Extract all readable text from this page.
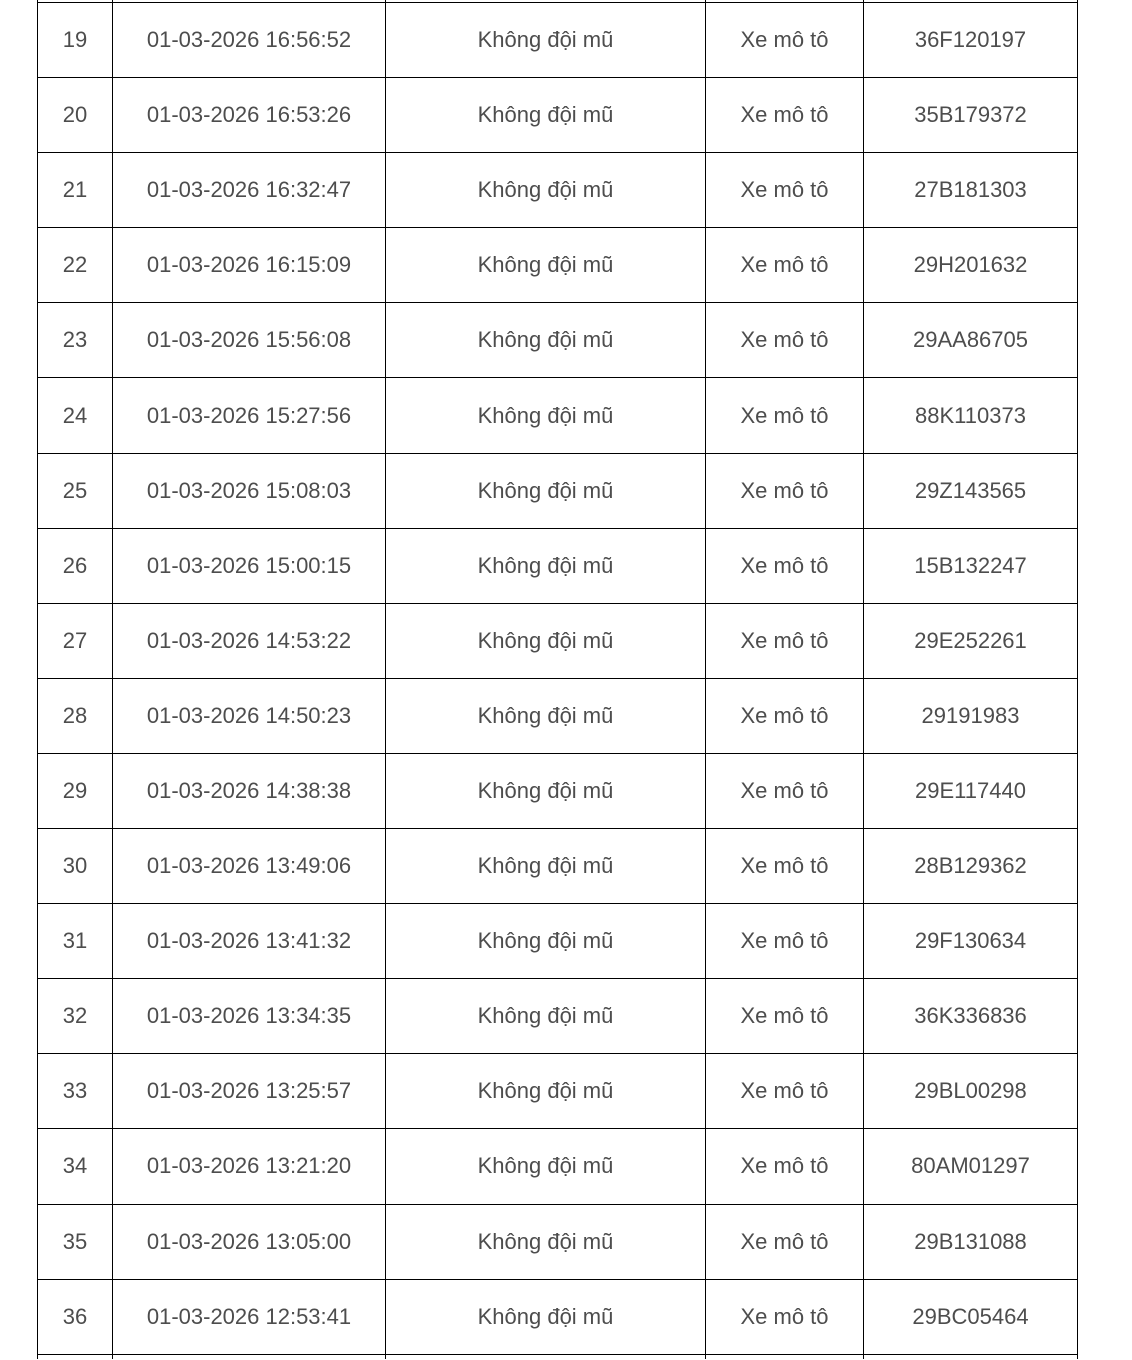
19	01-03-2026 16:56:52	Không đội mũ	Xe mô tô	36F120197
20	01-03-2026 16:53:26	Không đội mũ	Xe mô tô	35B179372
21	01-03-2026 16:32:47	Không đội mũ	Xe mô tô	27B181303
22	01-03-2026 16:15:09	Không đội mũ	Xe mô tô	29H201632
23	01-03-2026 15:56:08	Không đội mũ	Xe mô tô	29AA86705
24	01-03-2026 15:27:56	Không đội mũ	Xe mô tô	88K110373
25	01-03-2026 15:08:03	Không đội mũ	Xe mô tô	29Z143565
26	01-03-2026 15:00:15	Không đội mũ	Xe mô tô	15B132247
27	01-03-2026 14:53:22	Không đội mũ	Xe mô tô	29E252261
28	01-03-2026 14:50:23	Không đội mũ	Xe mô tô	29191983
29	01-03-2026 14:38:38	Không đội mũ	Xe mô tô	29E117440
30	01-03-2026 13:49:06	Không đội mũ	Xe mô tô	28B129362
31	01-03-2026 13:41:32	Không đội mũ	Xe mô tô	29F130634
32	01-03-2026 13:34:35	Không đội mũ	Xe mô tô	36K336836
33	01-03-2026 13:25:57	Không đội mũ	Xe mô tô	29BL00298
34	01-03-2026 13:21:20	Không đội mũ	Xe mô tô	80AM01297
35	01-03-2026 13:05:00	Không đội mũ	Xe mô tô	29B131088
36	01-03-2026 12:53:41	Không đội mũ	Xe mô tô	29BC05464
